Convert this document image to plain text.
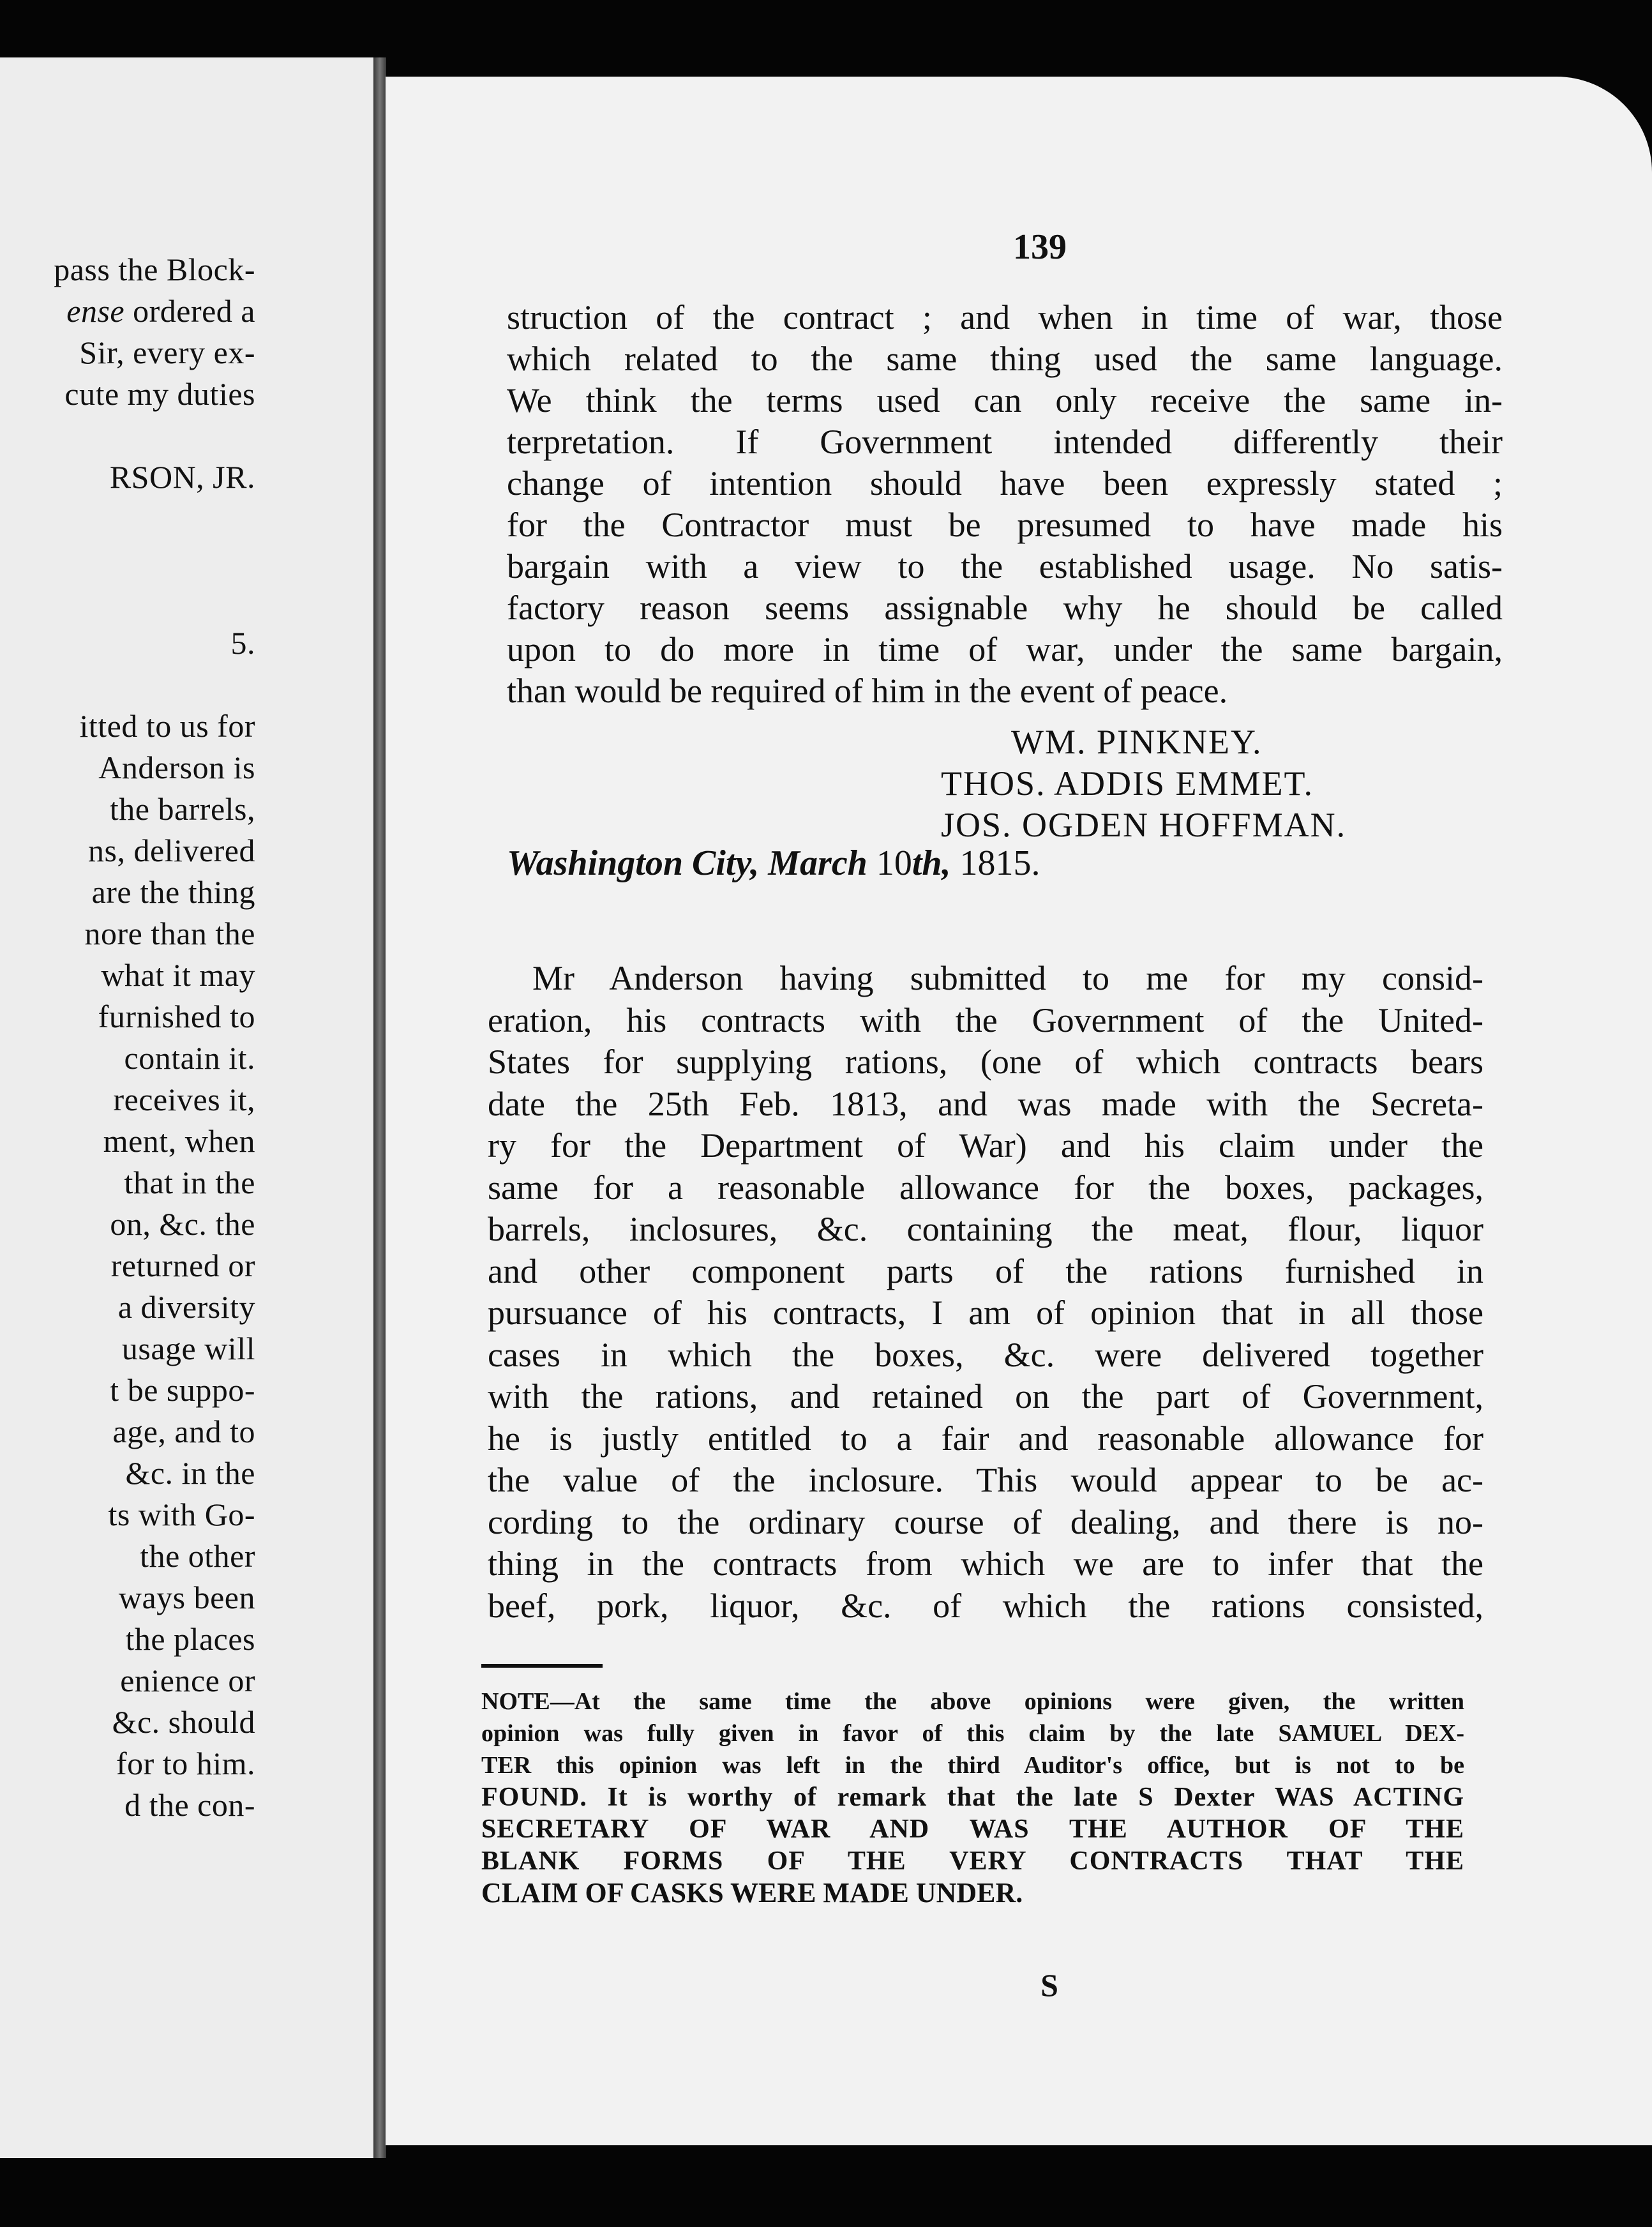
pass the Block-
ense ordered a
Sir, every ex-
cute my duties
RSON, JR.
5.
itted to us for
Anderson is
the barrels,
ns, delivered
are the thing
nore than the
what it may
furnished to
contain it.
receives it,
ment, when
that in the
on, &c. the
returned or
a diversity
usage will
t be suppo-
age, and to
&c. in the
ts with Go-
the other
ways been
the places
enience or
&c. should
for to him.
d the con-
139
struction of the contract ; and when in time of war, those
which related to the same thing used the same language.
We think the terms used can only receive the same in-
terpretation. If Government intended differently their
change of intention should have been expressly stated ;
for the Contractor must be presumed to have made his
bargain with a view to the established usage. No satis-
factory reason seems assignable why he should be called
upon to do more in time of war, under the same bargain,
than would be required of him in the event of peace.
WM. PINKNEY.
THOS. ADDIS EMMET.
JOS. OGDEN HOFFMAN.
Washington City, March 10th, 1815.
Mr Anderson having submitted to me for my consid-
eration, his contracts with the Government of the United-
States for supplying rations, (one of which contracts bears
date the 25th Feb. 1813, and was made with the Secreta-
ry for the Department of War) and his claim under the
same for a reasonable allowance for the boxes, packages,
barrels, inclosures, &c. containing the meat, flour, liquor
and other component parts of the rations furnished in
pursuance of his contracts, I am of opinion that in all those
cases in which the boxes, &c. were delivered together
with the rations, and retained on the part of Government,
he is justly entitled to a fair and reasonable allowance for
the value of the inclosure. This would appear to be ac-
cording to the ordinary course of dealing, and there is no-
thing in the contracts from which we are to infer that the
beef, pork, liquor, &c. of which the rations consisted,
NOTE—At the same time the above opinions were given, the written
opinion was fully given in favor of this claim by the late SAMUEL DEX-
TER this opinion was left in the third Auditor's office, but is not to be
FOUND. It is worthy of remark that the late S Dexter WAS ACTING
SECRETARY OF WAR AND WAS THE AUTHOR OF THE
BLANK FORMS OF THE VERY CONTRACTS THAT THE
CLAIM OF CASKS WERE MADE UNDER.
S
